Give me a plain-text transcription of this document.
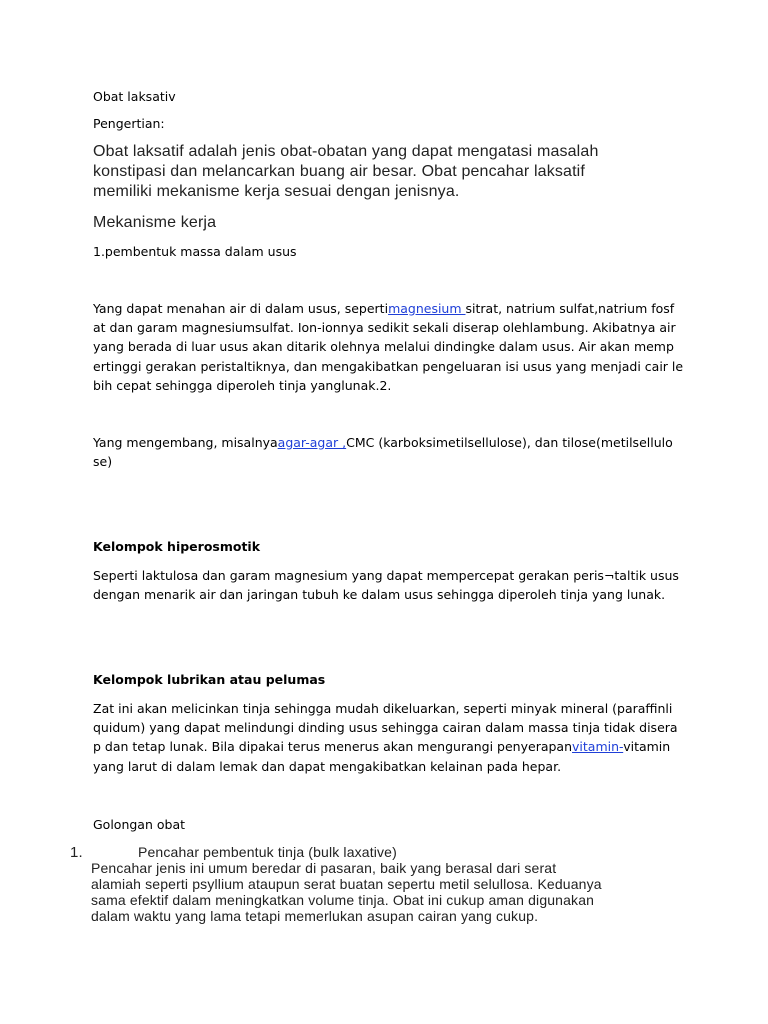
Obat laksativ
Pengertian:
Obat laksatif adalah jenis obat-obatan yang dapat mengatasi masalah
konstipasi dan melancarkan buang air besar. Obat pencahar laksatif
memiliki mekanisme kerja sesuai dengan jenisnya.
Mekanisme kerja
1.pembentuk massa dalam usus
Yang dapat menahan air di dalam usus, sepertimagnesium sitrat, natrium sulfat,natrium fosf
at dan garam magnesiumsulfat. Ion-ionnya sedikit sekali diserap olehlambung. Akibatnya air
yang berada di luar usus akan ditarik olehnya melalui dindingke dalam usus. Air akan memp
ertinggi gerakan peristaltiknya, dan mengakibatkan pengeluaran isi usus yang menjadi cair le
bih cepat sehingga diperoleh tinja yanglunak.2.
Yang mengembang, misalnyaagar-agar ,CMC (karboksimetilsellulose), dan tilose(metilsellulo
se)
Kelompok hiperosmotik
Seperti laktulosa dan garam magnesium yang dapat mempercepat gerakan peris¬taltik usus
dengan menarik air dan jaringan tubuh ke dalam usus sehingga diperoleh tinja yang lunak.
Kelompok lubrikan atau pelumas
Zat ini akan melicinkan tinja sehingga mudah dikeluarkan, seperti minyak mineral (paraffinli
quidum) yang dapat melindungi dinding usus sehingga cairan dalam massa tinja tidak disera
p dan tetap lunak. Bila dipakai terus menerus akan mengurangi penyerapanvitamin-vitamin
yang larut di dalam lemak dan dapat mengakibatkan kelainan pada hepar.
Golongan obat
1.	Pencahar pembentuk tinja (bulk laxative)
Pencahar jenis ini umum beredar di pasaran, baik yang berasal dari serat
alamiah seperti psyllium ataupun serat buatan sepertu metil selullosa. Keduanya
sama efektif dalam meningkatkan volume tinja. Obat ini cukup aman digunakan
dalam waktu yang lama tetapi memerlukan asupan cairan yang cukup.
